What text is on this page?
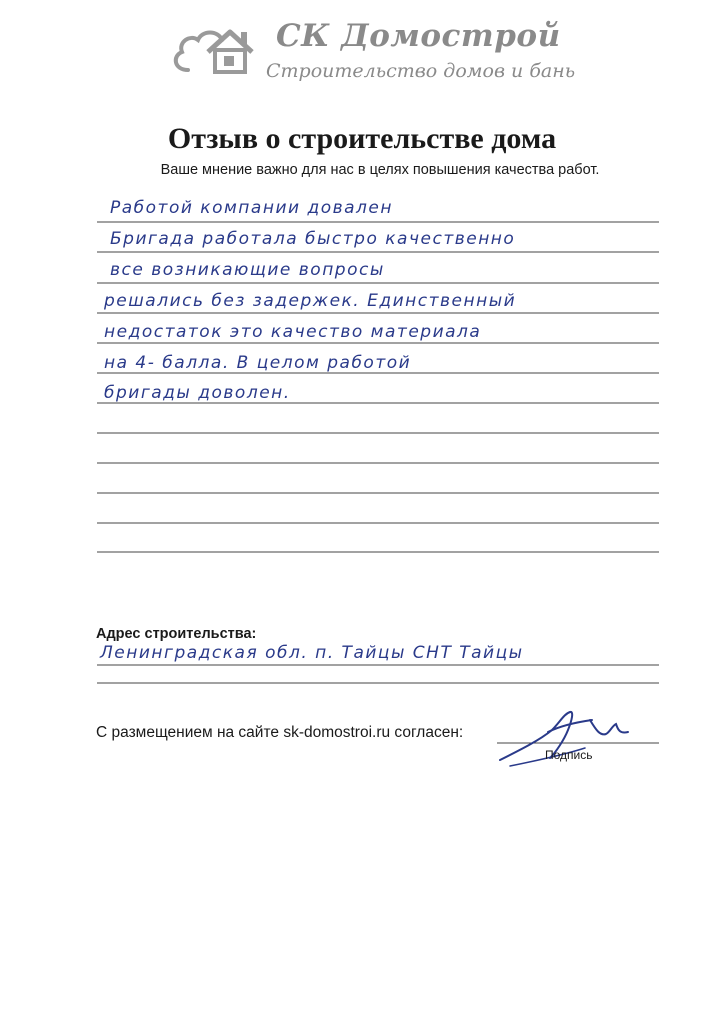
СК Домострой
Строительство домов и бань
Отзыв о строительстве дома
Ваше мнение важно для нас в целях повышения качества работ.
Работой компании довален
Бригада работала быстро качественно
все возникающие вопросы
решались без задержек. Единственный
недостаток это качество материала
на 4- балла. В целом работой
бригады доволен.
Адрес строительства:
Ленинградская обл. п. Тайцы СНТ Тайцы
С размещением на сайте sk-domostroi.ru согласен:
Подпись
